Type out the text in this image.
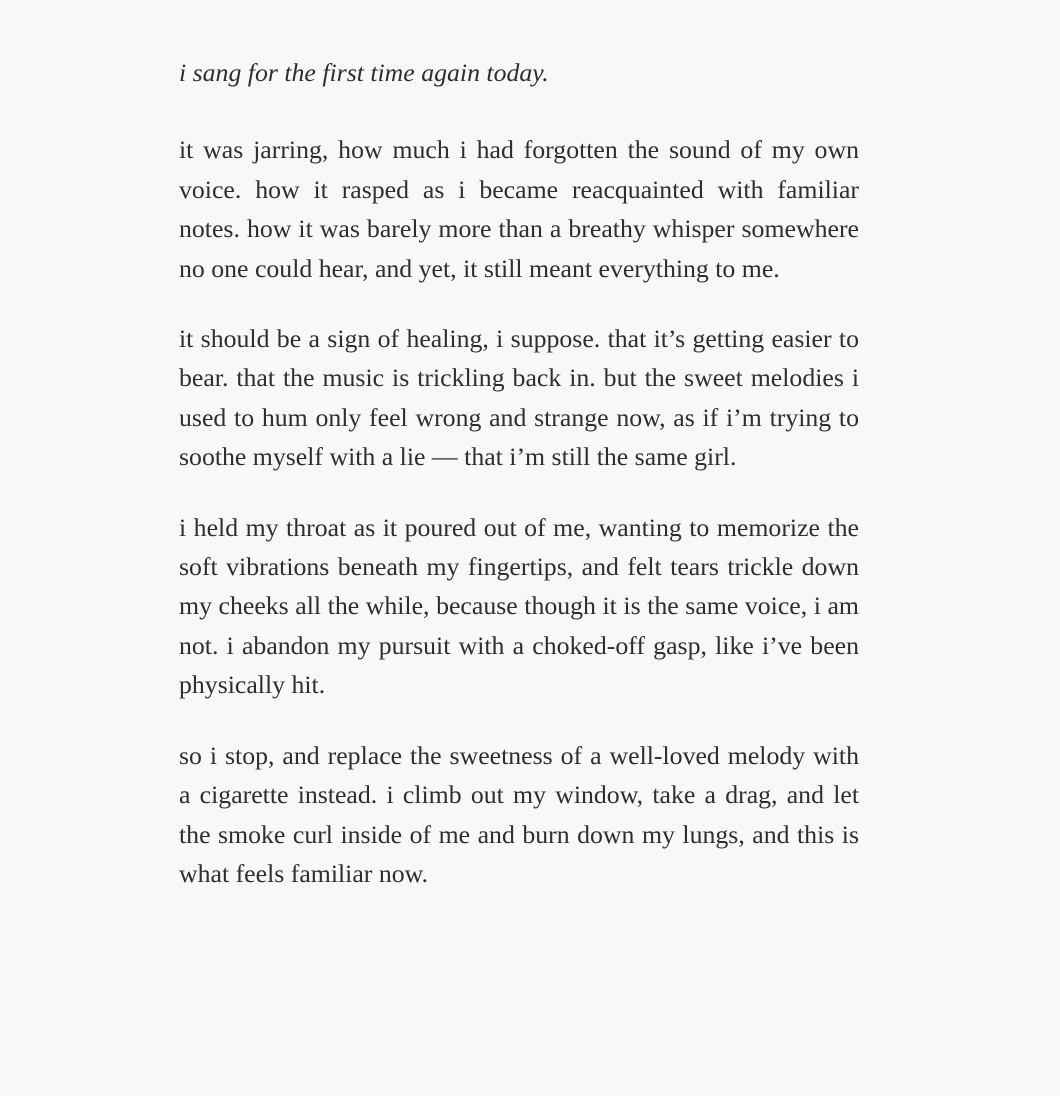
i sang for the first time again today.

it was jarring, how much i had forgotten the sound of my own voice. how it rasped as i became reacquainted with familiar notes. how it was barely more than a breathy whisper somewhere no one could hear, and yet, it still meant everything to me.

it should be a sign of healing, i suppose. that it’s getting easier to bear. that the music is trickling back in. but the sweet melodies i used to hum only feel wrong and strange now, as if i’m trying to soothe myself with a lie — that i’m still the same girl.

i held my throat as it poured out of me, wanting to memorize the soft vibrations beneath my fingertips, and felt tears trickle down my cheeks all the while, because though it is the same voice, i am not. i abandon my pursuit with a choked-off gasp, like i’ve been physically hit.

so i stop, and replace the sweetness of a well-loved melody with a cigarette instead. i climb out my window, take a drag, and let the smoke curl inside of me and burn down my lungs, and this is what feels familiar now.
